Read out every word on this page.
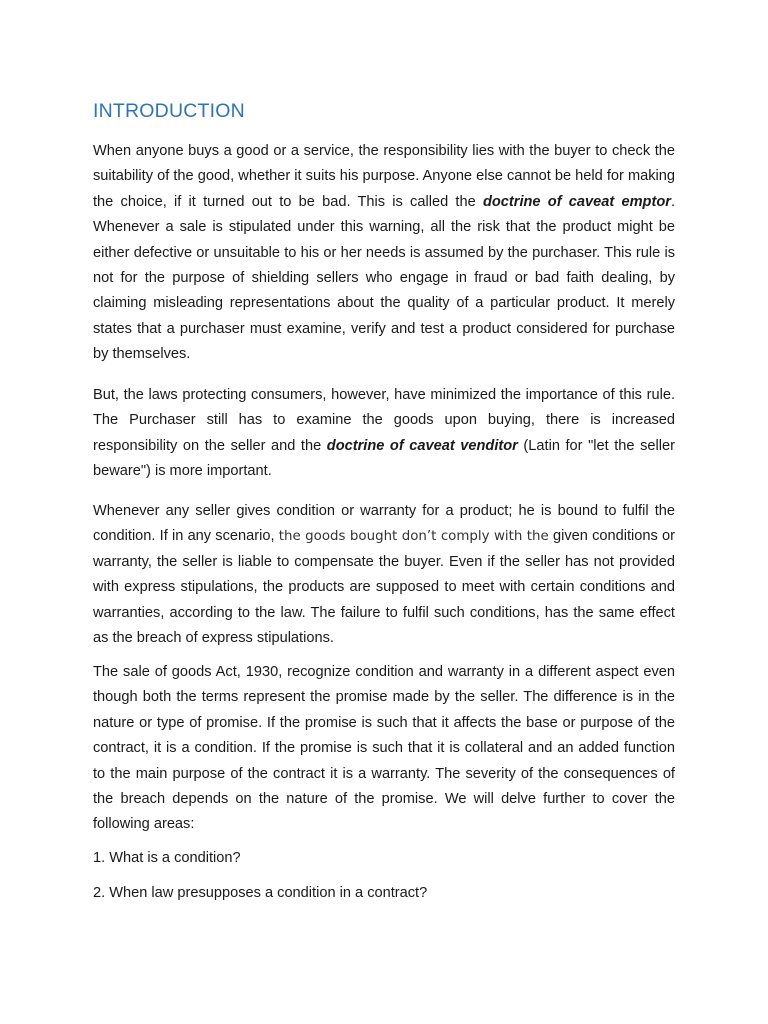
INTRODUCTION

When anyone buys a good or a service, the responsibility lies with the buyer to check the suitability of the good, whether it suits his purpose. Anyone else cannot be held for making the choice, if it turned out to be bad. This is called the doctrine of caveat emptor. Whenever a sale is stipulated under this warning, all the risk that the product might be either defective or unsuitable to his or her needs is assumed by the purchaser. This rule is not for the purpose of shielding sellers who engage in fraud or bad faith dealing, by claiming misleading representations about the quality of a particular product. It merely states that a purchaser must examine, verify and test a product considered for purchase by themselves.

But, the laws protecting consumers, however, have minimized the importance of this rule. The Purchaser still has to examine the goods upon buying, there is increased responsibility on the seller and the doctrine of caveat venditor (Latin for "let the seller beware") is more important.

Whenever any seller gives condition or warranty for a product; he is bound to fulfil the condition. If in any scenario, the goods bought don’t comply with the given conditions or warranty, the seller is liable to compensate the buyer. Even if the seller has not provided with express stipulations, the products are supposed to meet with certain conditions and warranties, according to the law. The failure to fulfil such conditions, has the same effect as the breach of express stipulations.

The sale of goods Act, 1930, recognize condition and warranty in a different aspect even though both the terms represent the promise made by the seller. The difference is in the nature or type of promise. If the promise is such that it affects the base or purpose of the contract, it is a condition. If the promise is such that it is collateral and an added function to the main purpose of the contract it is a warranty. The severity of the consequences of the breach depends on the nature of the promise. We will delve further to cover the following areas:

1. What is a condition?

2. When law presupposes a condition in a contract?
